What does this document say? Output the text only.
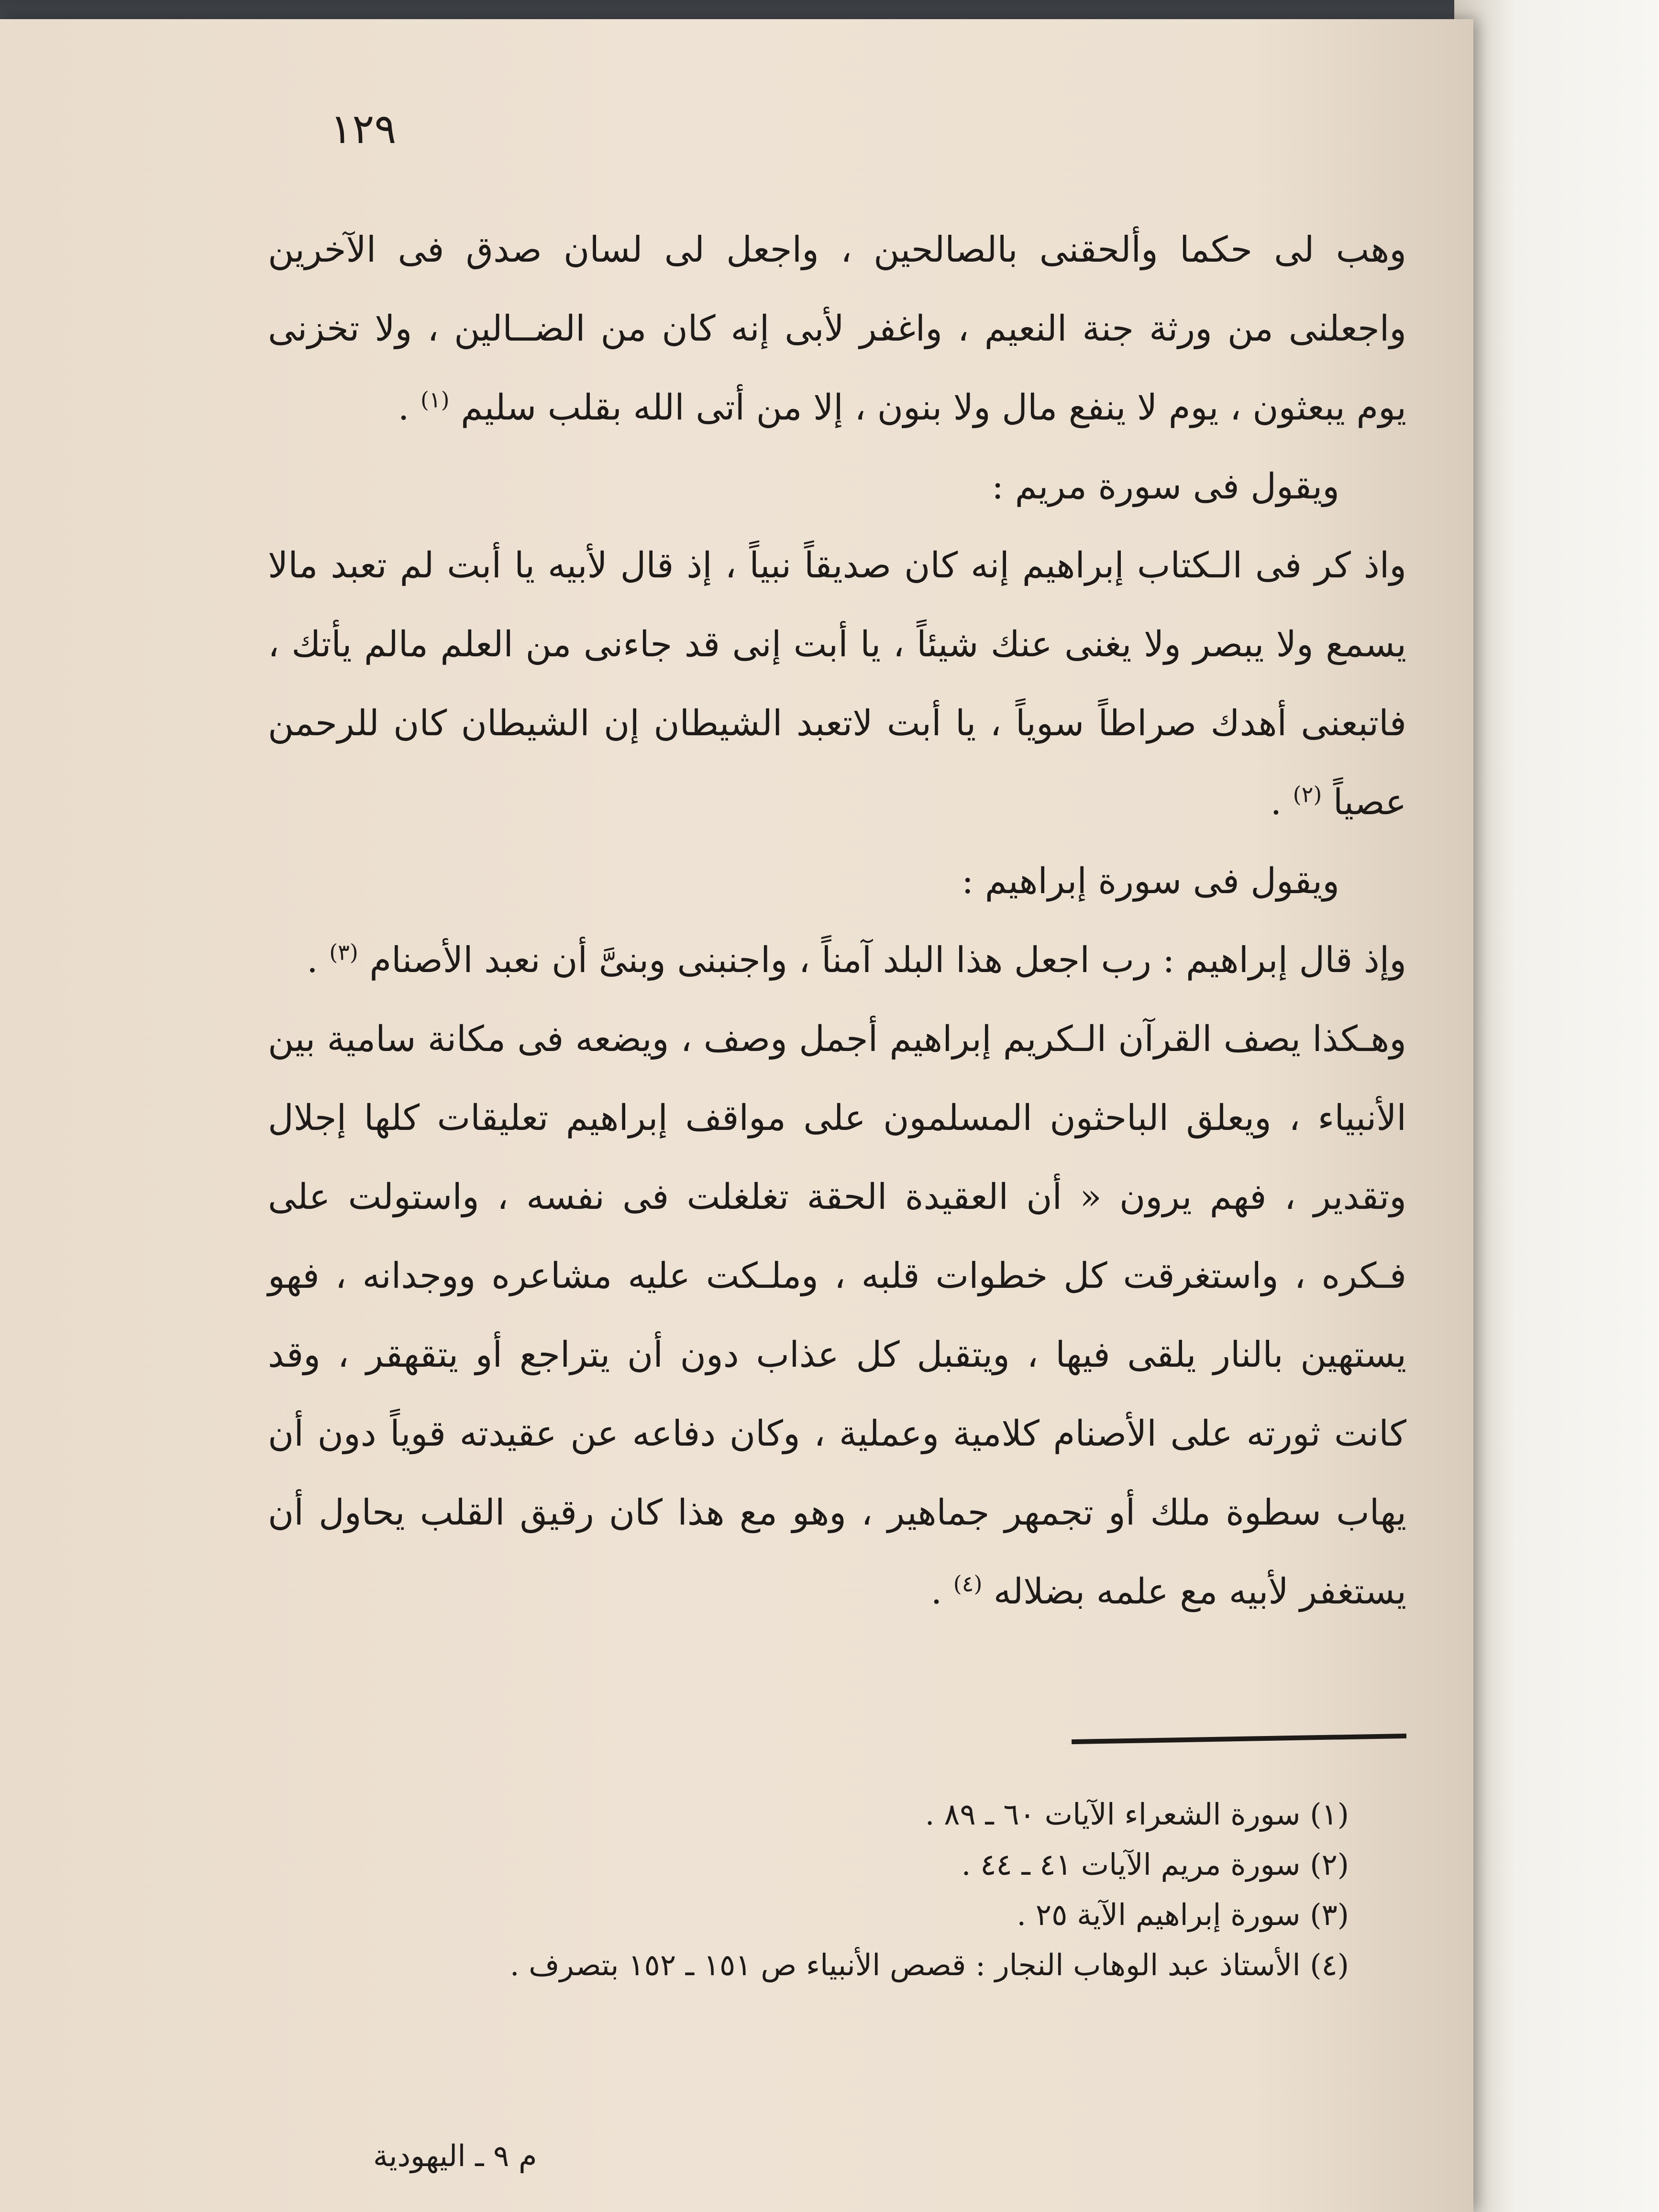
١٢٩

وهب لى حكما وألحقنى بالصالحين ، واجعل لى لسان صدق فى الآخرين واجعلنى من ورثة جنة النعيم ، واغفر لأبى إنه كان من الضــالين ، ولا تخزنى يوم يبعثون ، يوم لا ينفع مال ولا بنون ، إلا من أتى الله بقلب سليم $^{(١)}$ .

ويقول فى سورة مريم :

واذ كر فى الـكتاب إبراهيم إنه كان صديقاً نبياً ، إذ قال لأبيه يا أبت لم تعبد مالا يسمع ولا يبصر ولا يغنى عنك شيئاً ، يا أبت إنى قد جاءنى من العلم مالم يأتك ، فاتبعنى أهدك صراطاً سوياً ، يا أبت لاتعبد الشيطان إن الشيطان كان للرحمن عصياً $^{(٢)}$ .

ويقول فى سورة إبراهيم :

وإذ قال إبراهيم : رب اجعل هذا البلد آمناً ، واجنبنى وبنىَّ أن نعبد الأصنام $^{(٣)}$ .

وهـكذا يصف القرآن الـكريم إبراهيم أجمل وصف ، ويضعه فى مكانة سامية بين الأنبياء ، ويعلق الباحثون المسلمون على مواقف إبراهيم تعليقات كلها إجلال وتقدير ، فهم يرون « أن العقيدة الحقة تغلغلت فى نفسه ، واستولت على فـكره ، واستغرقت كل خطوات قلبه ، وملـكت عليه مشاعره ووجدانه ، فهو يستهين بالنار يلقى فيها ، ويتقبل كل عذاب دون أن يتراجع أو يتقهقر ، وقد كانت ثورته على الأصنام كلامية وعملية ، وكان دفاعه عن عقيدته قوياً دون أن يهاب سطوة ملك أو تجمهر جماهير ، وهو مع هذا كان رقيق القلب يحاول أن يستغفر لأبيه مع علمه بضلاله $^{(٤)}$ .

(١) سورة الشعراء الآيات ٦٠ ـ ٨٩ .

(٢) سورة مريم الآيات ٤١ ـ ٤٤ .

(٣) سورة إبراهيم الآية ٢٥ .

(٤) الأستاذ عبد الوهاب النجار : قصص الأنبياء ص ١٥١ ـ ١٥٢ بتصرف .

م ٩ ـ اليهودية
